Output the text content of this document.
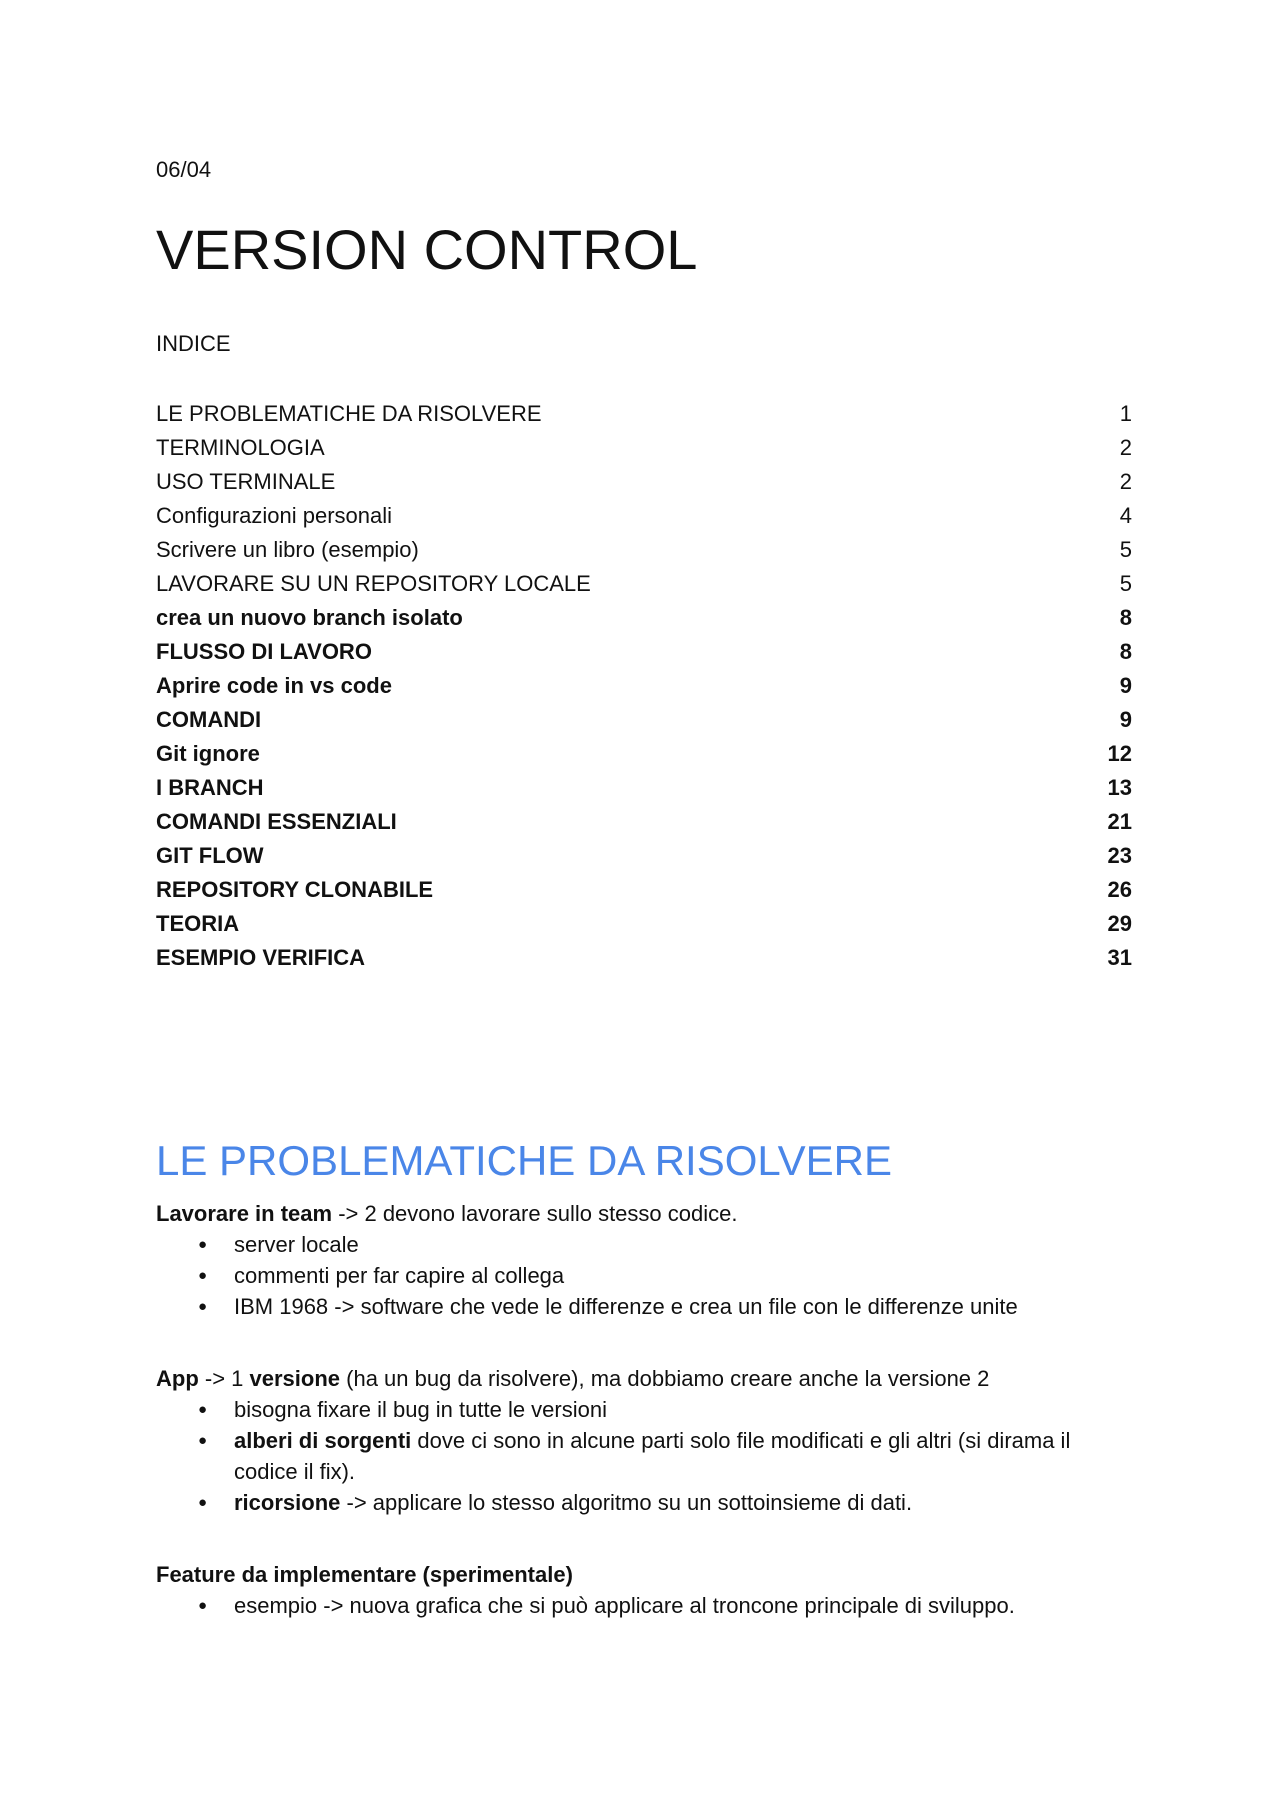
06/04
VERSION CONTROL
INDICE
LE PROBLEMATICHE DA RISOLVERE	1
TERMINOLOGIA	2
USO TERMINALE	2
Configurazioni personali	4
Scrivere un libro (esempio)	5
LAVORARE SU UN REPOSITORY LOCALE	5
crea un nuovo branch isolato	8
FLUSSO DI LAVORO	8
Aprire code in vs code	9
COMANDI	9
Git ignore	12
I BRANCH	13
COMANDI ESSENZIALI	21
GIT FLOW	23
REPOSITORY CLONABILE	26
TEORIA	29
ESEMPIO VERIFICA	31
LE PROBLEMATICHE DA RISOLVERE

Lavorare in team -> 2 devono lavorare sullo stesso codice.

● server locale
● commenti per far capire al collega
● IBM 1968 -> software che vede le differenze e crea un file con le differenze unite

App -> 1 versione (ha un bug da risolvere), ma dobbiamo creare anche la versione 2

● bisogna fixare il bug in tutte le versioni
● alberi di sorgenti dove ci sono in alcune parti solo file modificati e gli altri (si dirama il codice il fix).
● ricorsione -> applicare lo stesso algoritmo su un sottoinsieme di dati.

Feature da implementare (sperimentale)

● esempio -> nuova grafica che si può applicare al troncone principale di sviluppo.
